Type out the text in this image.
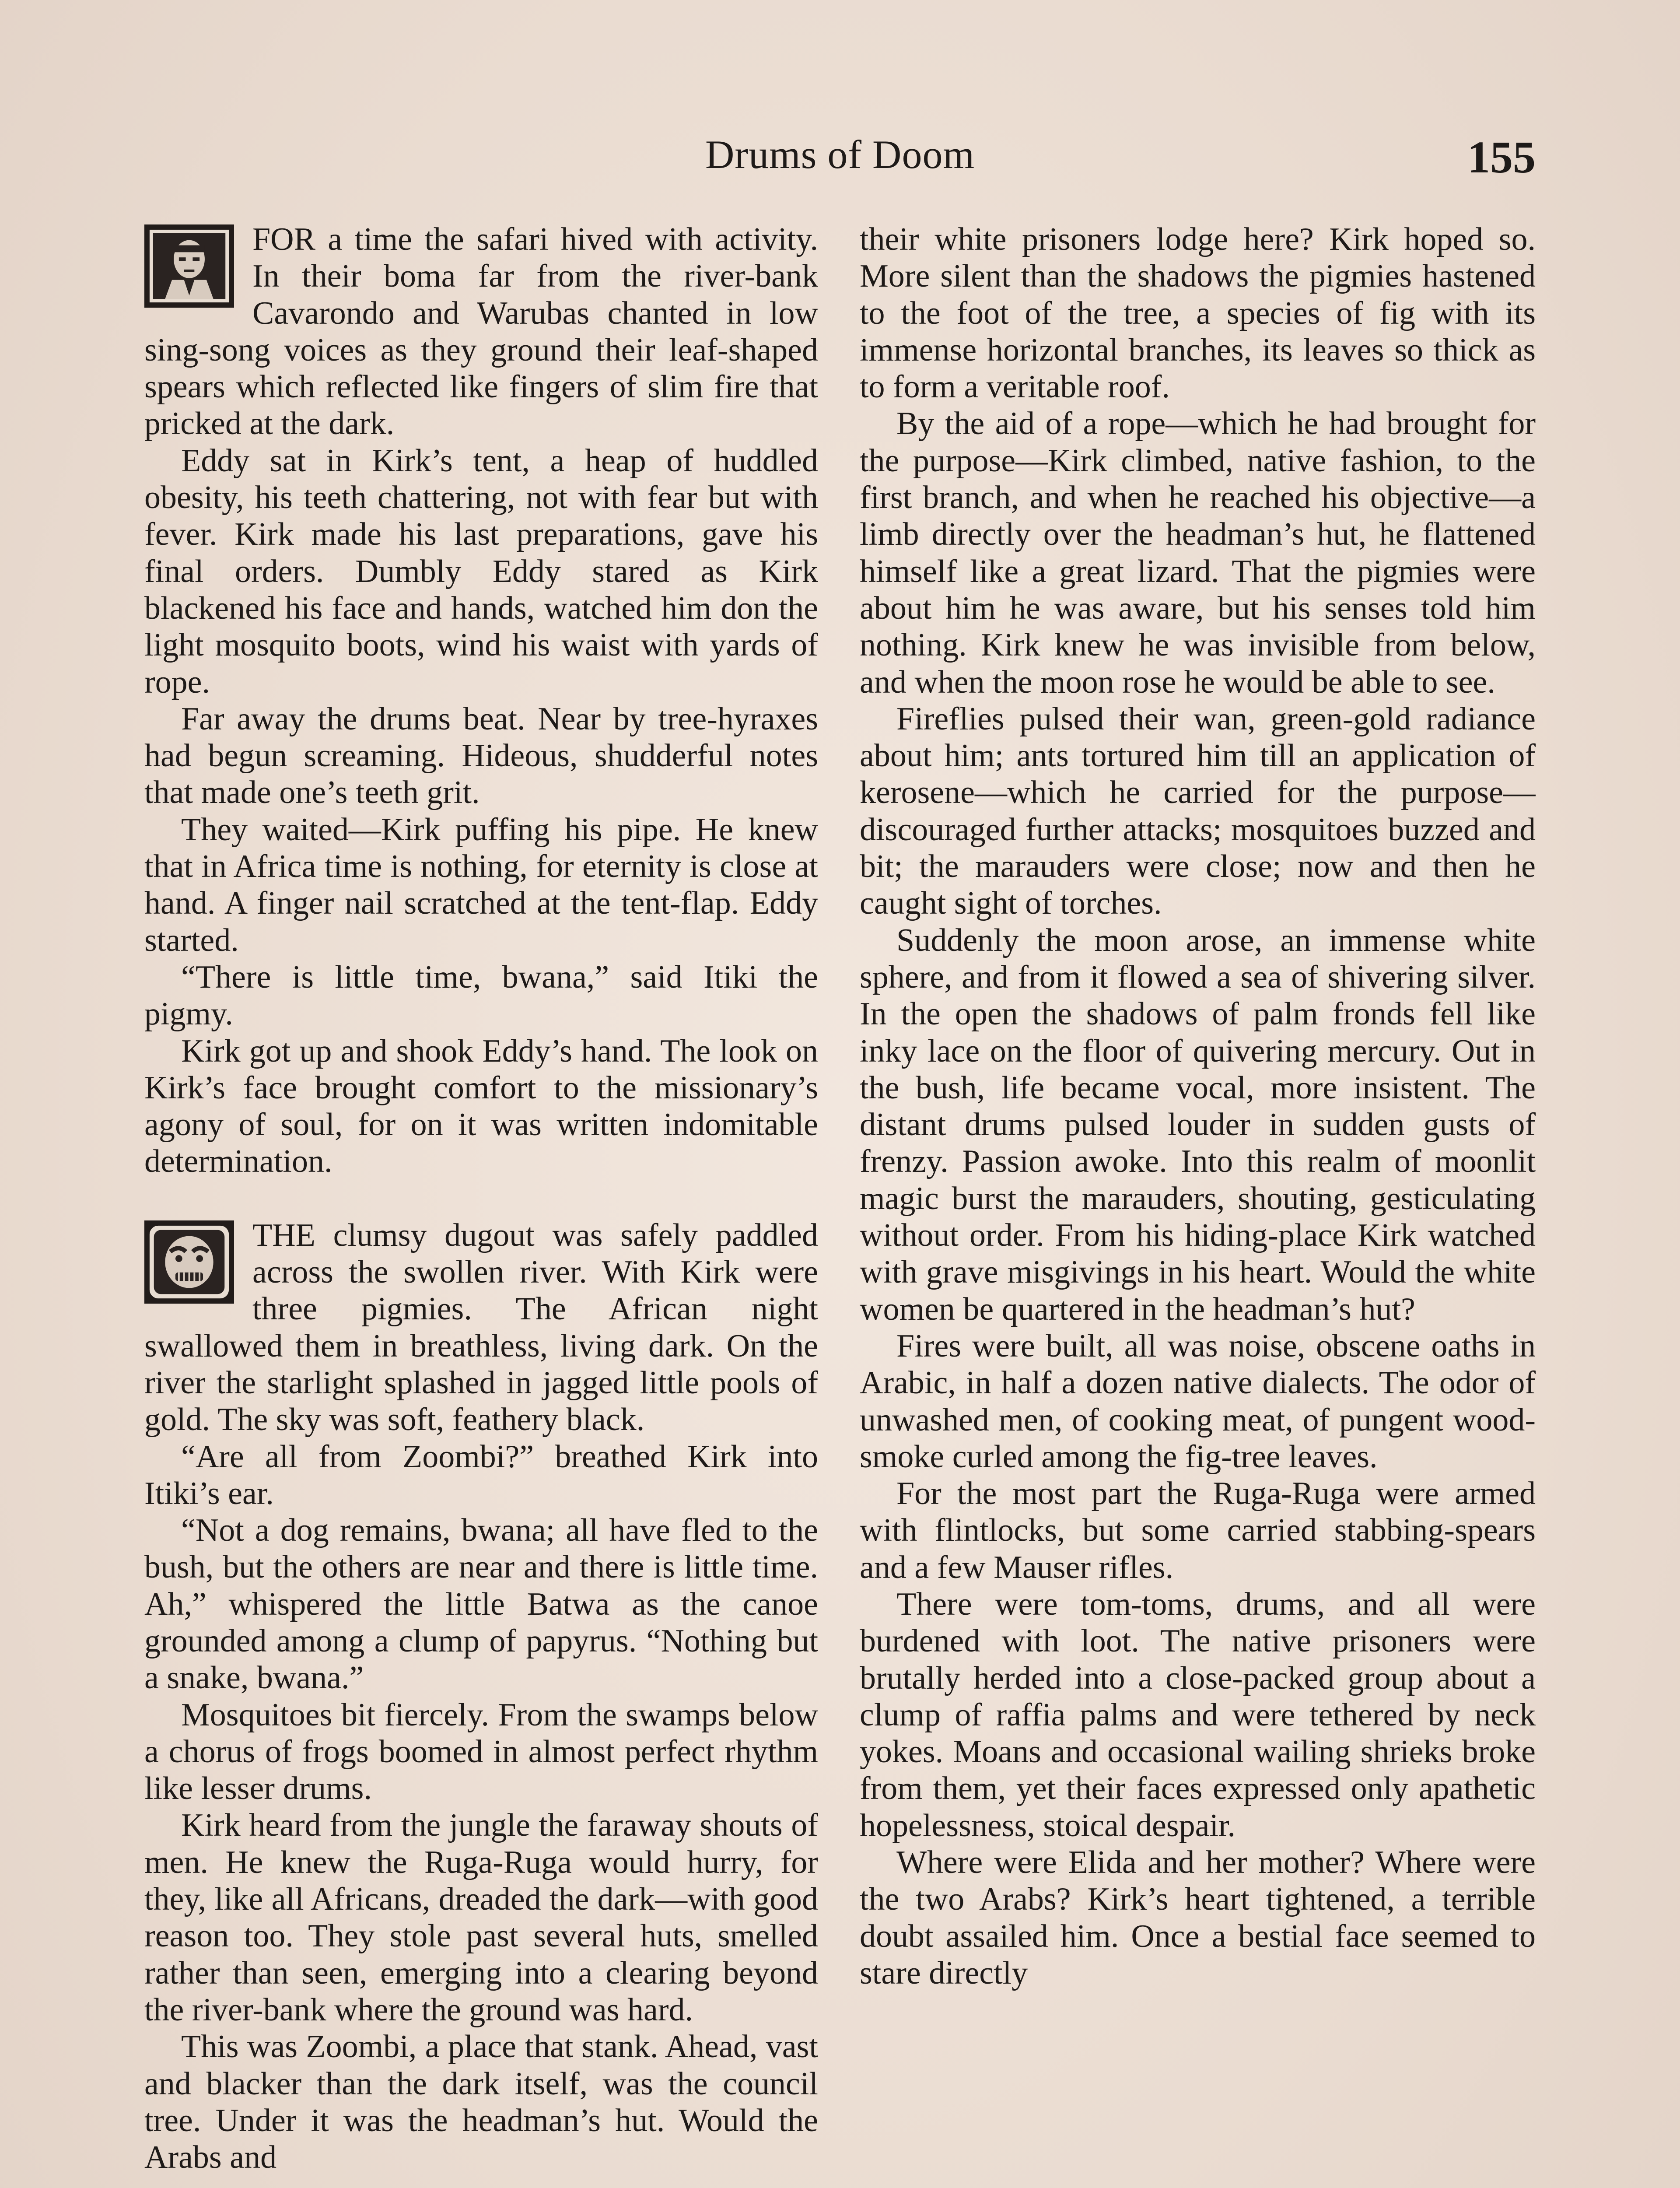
Drums of Doom	155

FOR a time the safari hived with activity. In their boma far from the river-bank Cavarondo and Warubas chanted in low sing-song voices as they ground their leaf-shaped spears which reflected like fingers of slim fire that pricked at the dark.

Eddy sat in Kirk’s tent, a heap of huddled obesity, his teeth chattering, not with fear but with fever. Kirk made his last preparations, gave his final orders. Dumbly Eddy stared as Kirk blackened his face and hands, watched him don the light mosquito boots, wind his waist with yards of rope.

Far away the drums beat. Near by tree-hyraxes had begun screaming. Hideous, shudderful notes that made one’s teeth grit.

They waited—Kirk puffing his pipe. He knew that in Africa time is nothing, for eternity is close at hand. A finger nail scratched at the tent-flap. Eddy started.

“There is little time, bwana,” said Itiki the pigmy.

Kirk got up and shook Eddy’s hand. The look on Kirk’s face brought comfort to the missionary’s agony of soul, for on it was written indomitable determination.

THE clumsy dugout was safely paddled across the swollen river. With Kirk were three pigmies. The African night swallowed them in breathless, living dark. On the river the starlight splashed in jagged little pools of gold. The sky was soft, feathery black.

“Are all from Zoombi?” breathed Kirk into Itiki’s ear.

“Not a dog remains, bwana; all have fled to the bush, but the others are near and there is little time. Ah,” whispered the little Batwa as the canoe grounded among a clump of papyrus. “Nothing but a snake, bwana.”

Mosquitoes bit fiercely. From the swamps below a chorus of frogs boomed in almost perfect rhythm like lesser drums.

Kirk heard from the jungle the faraway shouts of men. He knew the Ruga-Ruga would hurry, for they, like all Africans, dreaded the dark—with good reason too. They stole past several huts, smelled rather than seen, emerging into a clearing beyond the river-bank where the ground was hard.

This was Zoombi, a place that stank. Ahead, vast and blacker than the dark itself, was the council tree. Under it was the headman’s hut. Would the Arabs and

their white prisoners lodge here? Kirk hoped so. More silent than the shadows the pigmies hastened to the foot of the tree, a species of fig with its immense horizontal branches, its leaves so thick as to form a veritable roof.

By the aid of a rope—which he had brought for the purpose—Kirk climbed, native fashion, to the first branch, and when he reached his objective—a limb directly over the headman’s hut, he flattened himself like a great lizard. That the pigmies were about him he was aware, but his senses told him nothing. Kirk knew he was invisible from below, and when the moon rose he would be able to see.

Fireflies pulsed their wan, green-gold radiance about him; ants tortured him till an application of kerosene—which he carried for the purpose—discouraged further attacks; mosquitoes buzzed and bit; the marauders were close; now and then he caught sight of torches.

Suddenly the moon arose, an immense white sphere, and from it flowed a sea of shivering silver. In the open the shadows of palm fronds fell like inky lace on the floor of quivering mercury. Out in the bush, life became vocal, more insistent. The distant drums pulsed louder in sudden gusts of frenzy. Passion awoke. Into this realm of moonlit magic burst the marauders, shouting, gesticulating without order. From his hiding-place Kirk watched with grave misgivings in his heart. Would the white women be quartered in the headman’s hut?

Fires were built, all was noise, obscene oaths in Arabic, in half a dozen native dialects. The odor of unwashed men, of cooking meat, of pungent wood-smoke curled among the fig-tree leaves.

For the most part the Ruga-Ruga were armed with flintlocks, but some carried stabbing-spears and a few Mauser rifles.

There were tom-toms, drums, and all were burdened with loot. The native prisoners were brutally herded into a close-packed group about a clump of raffia palms and were tethered by neck yokes. Moans and occasional wailing shrieks broke from them, yet their faces expressed only apathetic hopelessness, stoical despair.

Where were Elida and her mother? Where were the two Arabs? Kirk’s heart tightened, a terrible doubt assailed him. Once a bestial face seemed to stare directly
